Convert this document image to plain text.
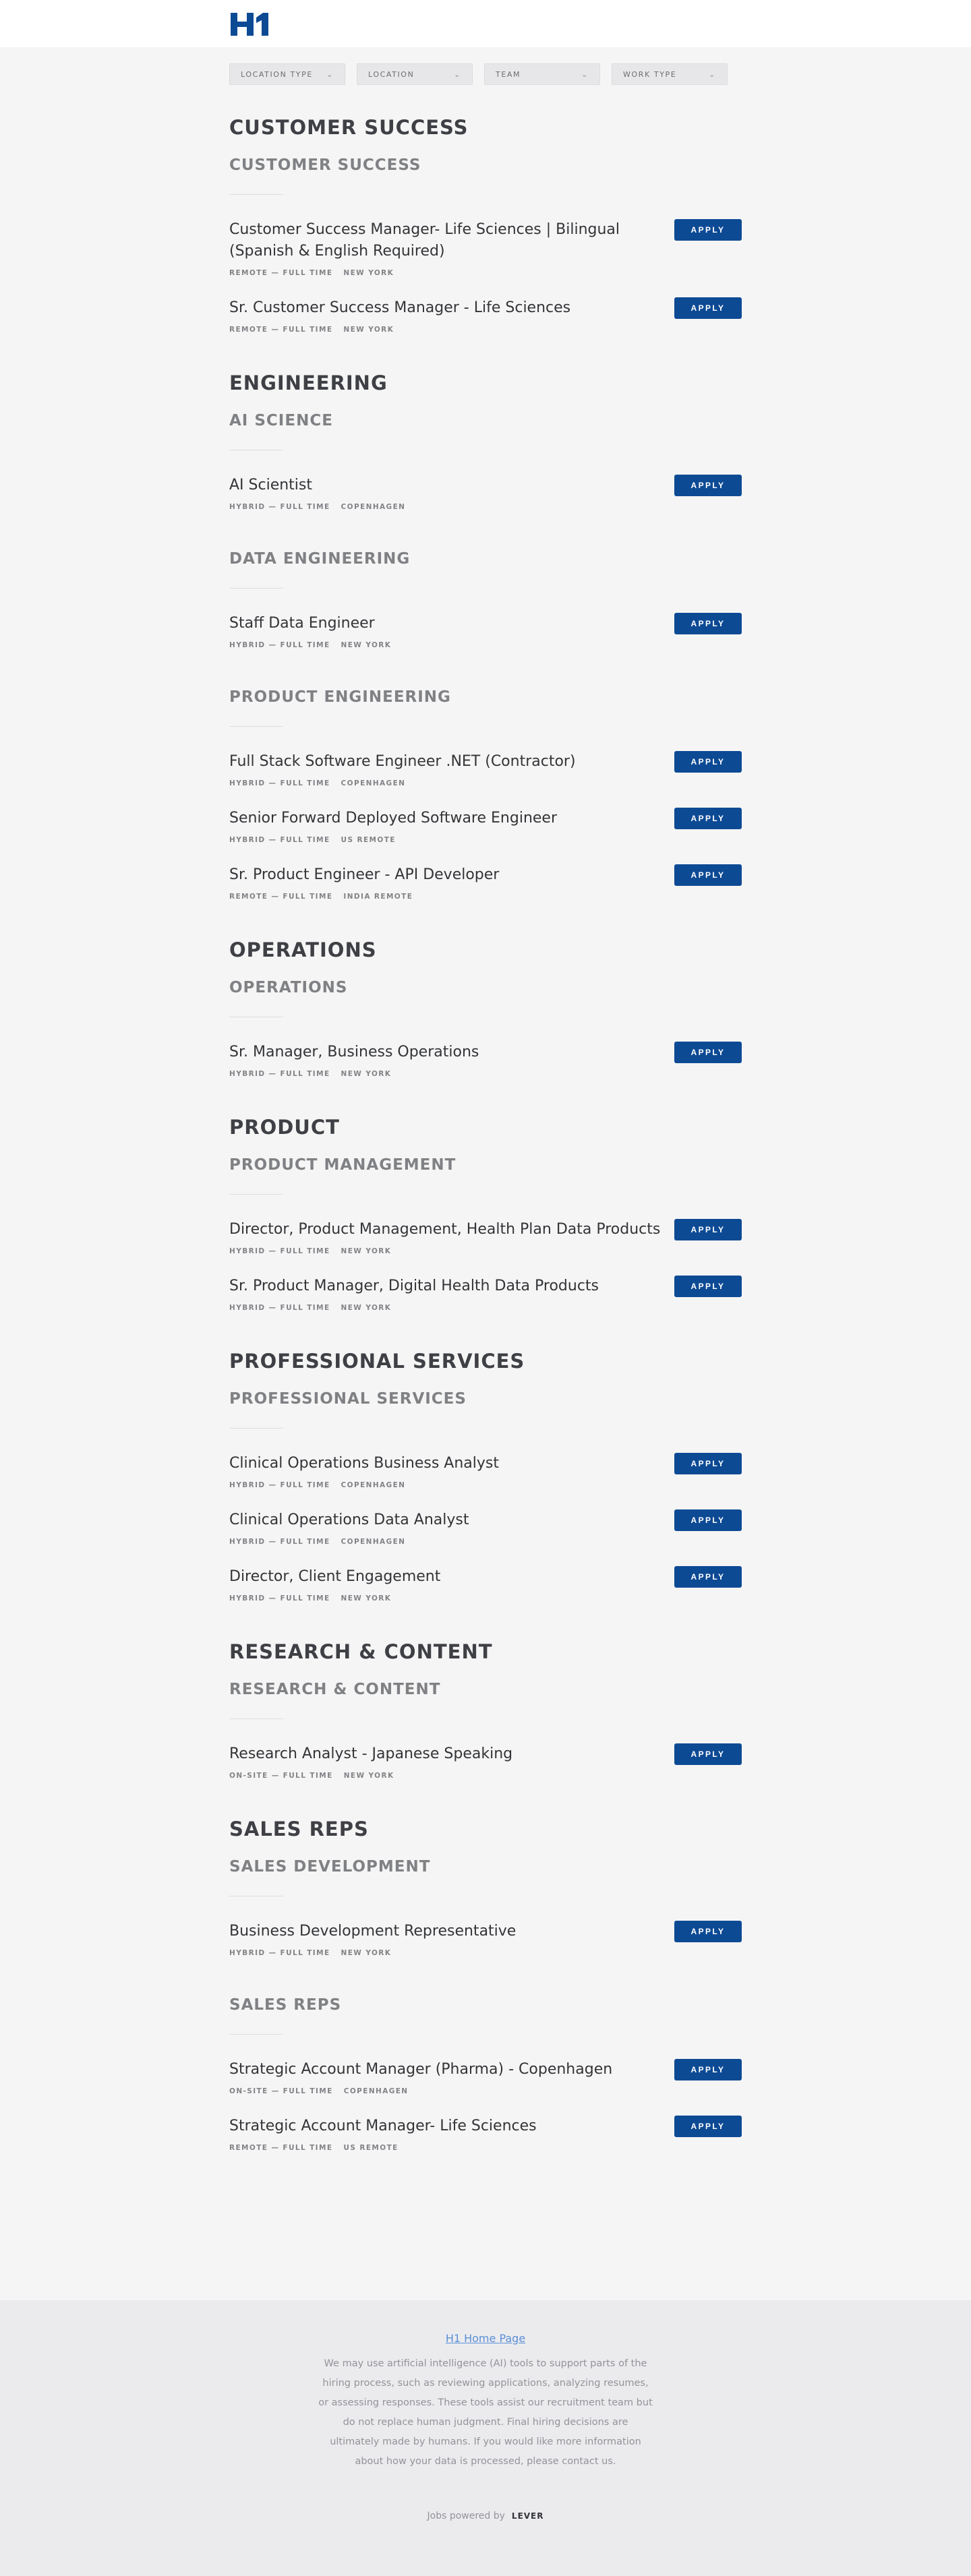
LOCATION TYPE ⌄	LOCATION	⌄	TEAM	⌄	WORK TYPE	⌄
CUSTOMER SUCCESS
CUSTOMER SUCCESS
Customer Success Manager- Life Sciences | Bilingual (Spanish & English Required)
REMOTE — FULL TIME NEW YORK
APPLY
Sr. Customer Success Manager - Life Sciences
REMOTE — FULL TIME NEW YORK
APPLY
ENGINEERING
AI SCIENCE
AI Scientist
HYBRID — FULL TIME COPENHAGEN
APPLY
DATA ENGINEERING
Staff Data Engineer
HYBRID — FULL TIME NEW YORK
APPLY
PRODUCT ENGINEERING
Full Stack Software Engineer .NET (Contractor)
HYBRID — FULL TIME COPENHAGEN
APPLY
Senior Forward Deployed Software Engineer
HYBRID — FULL TIME US REMOTE
APPLY
Sr. Product Engineer - API Developer
REMOTE — FULL TIME INDIA REMOTE
APPLY
OPERATIONS
OPERATIONS
Sr. Manager, Business Operations
HYBRID — FULL TIME NEW YORK
APPLY
PRODUCT
PRODUCT MANAGEMENT
Director, Product Management, Health Plan Data Products
HYBRID — FULL TIME NEW YORK
APPLY
Sr. Product Manager, Digital Health Data Products
HYBRID — FULL TIME NEW YORK
APPLY
PROFESSIONAL SERVICES
PROFESSIONAL SERVICES
Clinical Operations Business Analyst
HYBRID — FULL TIME COPENHAGEN
APPLY
Clinical Operations Data Analyst
HYBRID — FULL TIME COPENHAGEN
APPLY
Director, Client Engagement
HYBRID — FULL TIME NEW YORK
APPLY
RESEARCH & CONTENT
RESEARCH & CONTENT
Research Analyst - Japanese Speaking
ON-SITE — FULL TIME NEW YORK
APPLY
SALES REPS
SALES DEVELOPMENT
Business Development Representative
HYBRID — FULL TIME NEW YORK
APPLY
SALES REPS
Strategic Account Manager (Pharma) - Copenhagen
ON-SITE — FULL TIME COPENHAGEN
APPLY
Strategic Account Manager- Life Sciences
REMOTE — FULL TIME US REMOTE
APPLY
H1 Home Page

We may use artificial intelligence (AI) tools to support parts of the hiring process, such as reviewing applications, analyzing resumes, or assessing responses. These tools assist our recruitment team but do not replace human judgment. Final hiring decisions are ultimately made by humans. If you would like more information about how your data is processed, please contact us.

Jobs powered by LEVER
